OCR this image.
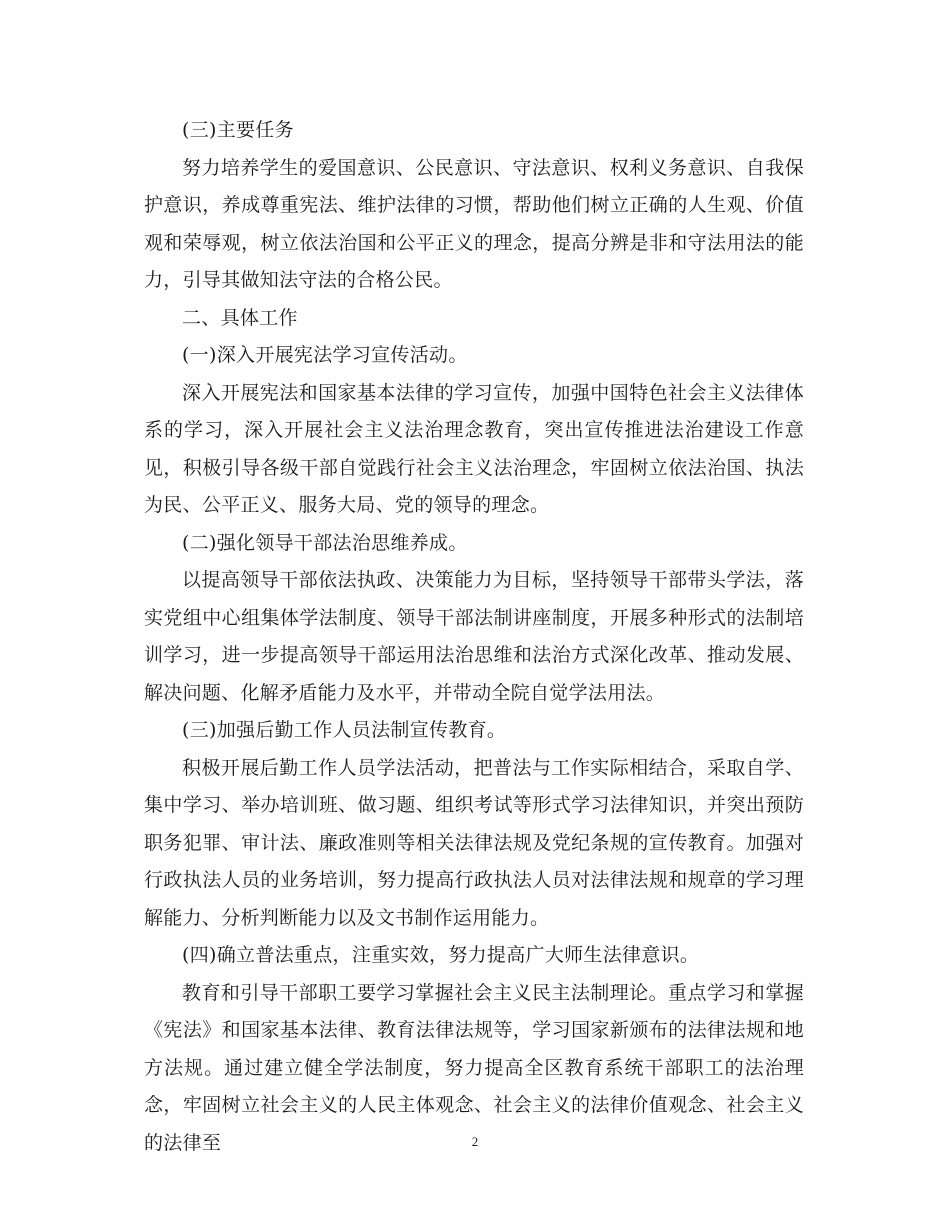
(三)主要任务

努力培养学生的爱国意识、公民意识、守法意识、权利义务意识、自我保护意识，养成尊重宪法、维护法律的习惯，帮助他们树立正确的人生观、价值观和荣辱观，树立依法治国和公平正义的理念，提高分辨是非和守法用法的能力，引导其做知法守法的合格公民。

二、具体工作

(一)深入开展宪法学习宣传活动。

深入开展宪法和国家基本法律的学习宣传，加强中国特色社会主义法律体系的学习，深入开展社会主义法治理念教育，突出宣传推进法治建设工作意见，积极引导各级干部自觉践行社会主义法治理念，牢固树立依法治国、执法为民、公平正义、服务大局、党的领导的理念。

(二)强化领导干部法治思维养成。

以提高领导干部依法执政、决策能力为目标，坚持领导干部带头学法，落实党组中心组集体学法制度、领导干部法制讲座制度，开展多种形式的法制培训学习，进一步提高领导干部运用法治思维和法治方式深化改革、推动发展、解决问题、化解矛盾能力及水平，并带动全院自觉学法用法。

(三)加强后勤工作人员法制宣传教育。

积极开展后勤工作人员学法活动，把普法与工作实际相结合，采取自学、集中学习、举办培训班、做习题、组织考试等形式学习法律知识，并突出预防职务犯罪、审计法、廉政准则等相关法律法规及党纪条规的宣传教育。加强对行政执法人员的业务培训，努力提高行政执法人员对法律法规和规章的学习理解能力、分析判断能力以及文书制作运用能力。

(四)确立普法重点，注重实效，努力提高广大师生法律意识。

教育和引导干部职工要学习掌握社会主义民主法制理论。重点学习和掌握《宪法》和国家基本法律、教育法律法规等，学习国家新颁布的法律法规和地方法规。通过建立健全学法制度，努力提高全区教育系统干部职工的法治理念，牢固树立社会主义的人民主体观念、社会主义的法律价值观念、社会主义的法律至	2
